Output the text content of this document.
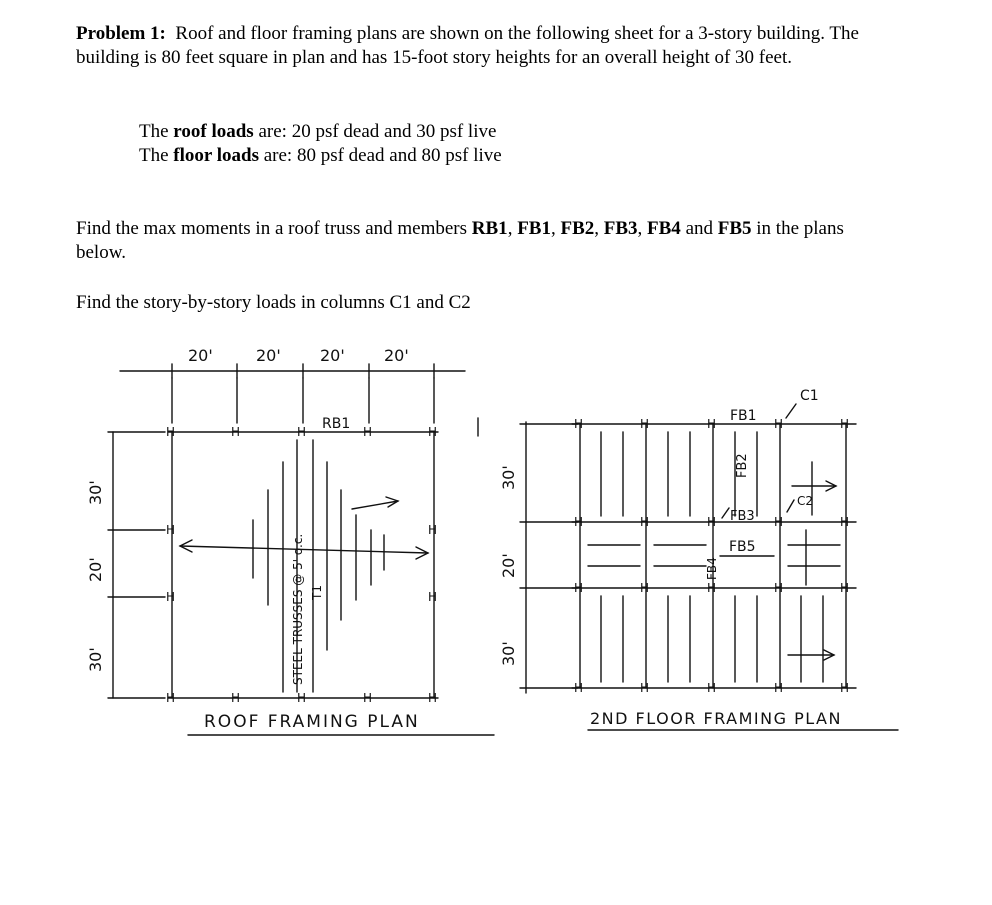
Problem 1: Roof and floor framing plans are shown on the following sheet for a 3-story building. The building is 80 feet square in plan and has 15-foot story heights for an overall height of 30 feet.

The roof loads are: 20 psf dead and 30 psf live
The floor loads are: 80 psf dead and 80 psf live

Find the max moments in a roof truss and members RB1, FB1, FB2, FB3, FB4 and FB5 in the plans below.

Find the story-by-story loads in columns C1 and C2

20'	20' 20' 20'
30'
20'
30'
H	H	H	H	H
H	H	H	H	H
H	H
H	H
RB1
STEEL TRUSSES @ 5' o.c. T1
ROOF FRAMING PLAN
30'
20'
30'
H	H	H	H	H
H	H	H	H	H
H	H	H	H	H
H	H	H	H	H
FB1
C1
FB2
FB3
FB4
FB5
C2
2ND FLOOR FRAMING PLAN
